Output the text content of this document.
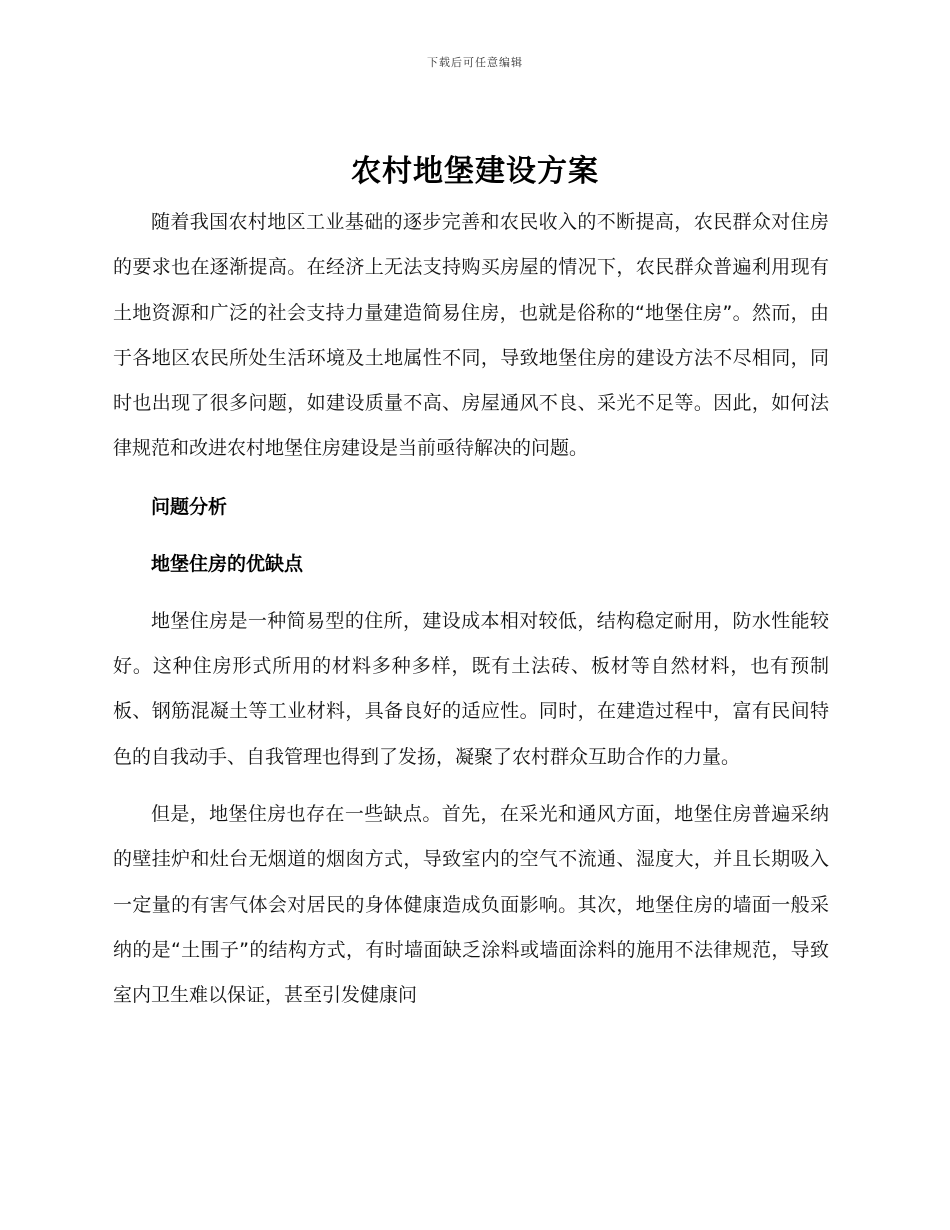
下载后可任意编辑
农村地堡建设方案

随着我国农村地区工业基础的逐步完善和农民收入的不断提高，农民群众对住房的要求也在逐渐提高。在经济上无法支持购买房屋的情况下，农民群众普遍利用现有土地资源和广泛的社会支持力量建造简易住房，也就是俗称的“地堡住房”。然而，由于各地区农民所处生活环境及土地属性不同，导致地堡住房的建设方法不尽相同，同时也出现了很多问题，如建设质量不高、房屋通风不良、采光不足等。因此，如何法律规范和改进农村地堡住房建设是当前亟待解决的问题。

问题分析

地堡住房的优缺点

地堡住房是一种简易型的住所，建设成本相对较低，结构稳定耐用，防水性能较好。这种住房形式所用的材料多种多样，既有土法砖、板材等自然材料，也有预制板、钢筋混凝土等工业材料，具备良好的适应性。同时，在建造过程中，富有民间特色的自我动手、自我管理也得到了发扬，凝聚了农村群众互助合作的力量。

但是，地堡住房也存在一些缺点。首先，在采光和通风方面，地堡住房普遍采纳的壁挂炉和灶台无烟道的烟囱方式，导致室内的空气不流通、湿度大，并且长期吸入一定量的有害气体会对居民的身体健康造成负面影响。其次，地堡住房的墙面一般采纳的是“土围子”的结构方式，有时墙面缺乏涂料或墙面涂料的施用不法律规范，导致室内卫生难以保证，甚至引发健康问
